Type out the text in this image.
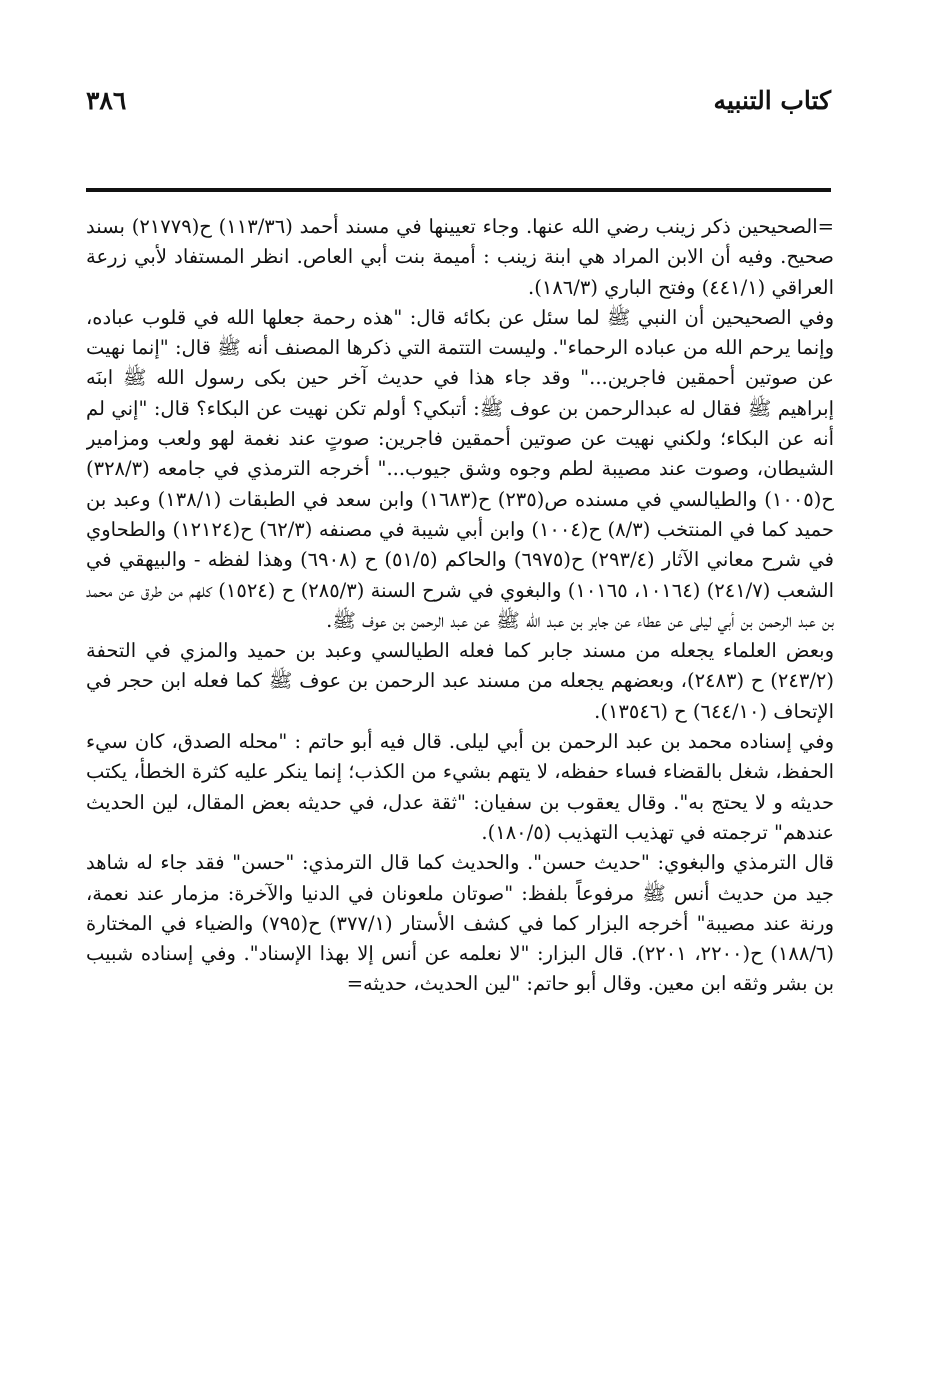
كتاب التنبيه
٣٨٦

=الصحيحين ذكر زينب رضي الله عنها. وجاء تعيينها في مسند أحمد (١١٣/٣٦) ح(٢١٧٧٩) بسند صحيح. وفيه أن الابن المراد هي ابنة زينب : أميمة بنت أبي العاص. انظر المستفاد لأبي زرعة العراقي (٤٤١/١) وفتح الباري (١٨٦/٣).

وفي الصحيحين أن النبي ﷺ لما سئل عن بكائه قال: "هذه رحمة جعلها الله في قلوب عباده، وإنما يرحم الله من عباده الرحماء". وليست التتمة التي ذكرها المصنف أنه ﷺ قال: "إنما نهيت عن صوتين أحمقين فاجرين..." وقد جاء هذا في حديث آخر حين بكى رسول الله ﷺ ابنَه إبراهيم ﷺ فقال له عبدالرحمن بن عوف ﷺ: أتبكي؟ أولم تكن نهيت عن البكاء؟ قال: "إني لم أنه عن البكاء؛ ولكني نهيت عن صوتين أحمقين فاجرين: صوتٍ عند نغمة لهو ولعب ومزامير الشيطان، وصوت عند مصيبة لطم وجوه وشق جيوب..." أخرجه الترمذي في جامعه (٣٢٨/٣) ح(١٠٠٥) والطيالسي في مسنده ص(٢٣٥) ح(١٦٨٣) وابن سعد في الطبقات (١٣٨/١) وعبد بن حميد كما في المنتخب (٨/٣) ح(١٠٠٤) وابن أبي شيبة في مصنفه (٦٢/٣) ح(١٢١٢٤) والطحاوي في شرح معاني الآثار (٢٩٣/٤) ح(٦٩٧٥) والحاكم (٥١/٥) ح (٦٩٠٨) وهذا لفظه - والبيهقي في الشعب (٢٤١/٧) (١٠١٦٤، ١٠١٦٥) والبغوي في شرح السنة (٢٨٥/٣) ح (١٥٢٤) كلهم من طرق عن محمد بن عبد الرحمن بن أبي ليلى عن عطاء عن جابر بن عبد الله ﷺ عن عبد الرحمن بن عوف ﷺ.

وبعض العلماء يجعله من مسند جابر كما فعله الطيالسي وعبد بن حميد والمزي في التحفة (٢٤٣/٢) ح (٢٤٨٣)، وبعضهم يجعله من مسند عبد الرحمن بن عوف ﷺ كما فعله ابن حجر في الإتحاف (٦٤٤/١٠) ح (١٣٥٤٦).

وفي إسناده محمد بن عبد الرحمن بن أبي ليلى. قال فيه أبو حاتم : "محله الصدق، كان سيء الحفظ، شغل بالقضاء فساء حفظه، لا يتهم بشيء من الكذب؛ إنما ينكر عليه كثرة الخطأ، يكتب حديثه و لا يحتج به". وقال يعقوب بن سفيان: "ثقة عدل، في حديثه بعض المقال، لين الحديث عندهم" ترجمته في تهذيب التهذيب (١٨٠/٥).

قال الترمذي والبغوي: "حديث حسن". والحديث كما قال الترمذي: "حسن" فقد جاء له شاهد جيد من حديث أنس ﷺ مرفوعاً بلفظ: "صوتان ملعونان في الدنيا والآخرة: مزمار عند نعمة، ورنة عند مصيبة" أخرجه البزار كما في كشف الأستار (٣٧٧/١) ح(٧٩٥) والضياء في المختارة (١٨٨/٦) ح(٢٢٠٠، ٢٢٠١). قال البزار: "لا نعلمه عن أنس إلا بهذا الإسناد". وفي إسناده شبيب بن بشر وثقه ابن معين. وقال أبو حاتم: "لين الحديث، حديثه=
